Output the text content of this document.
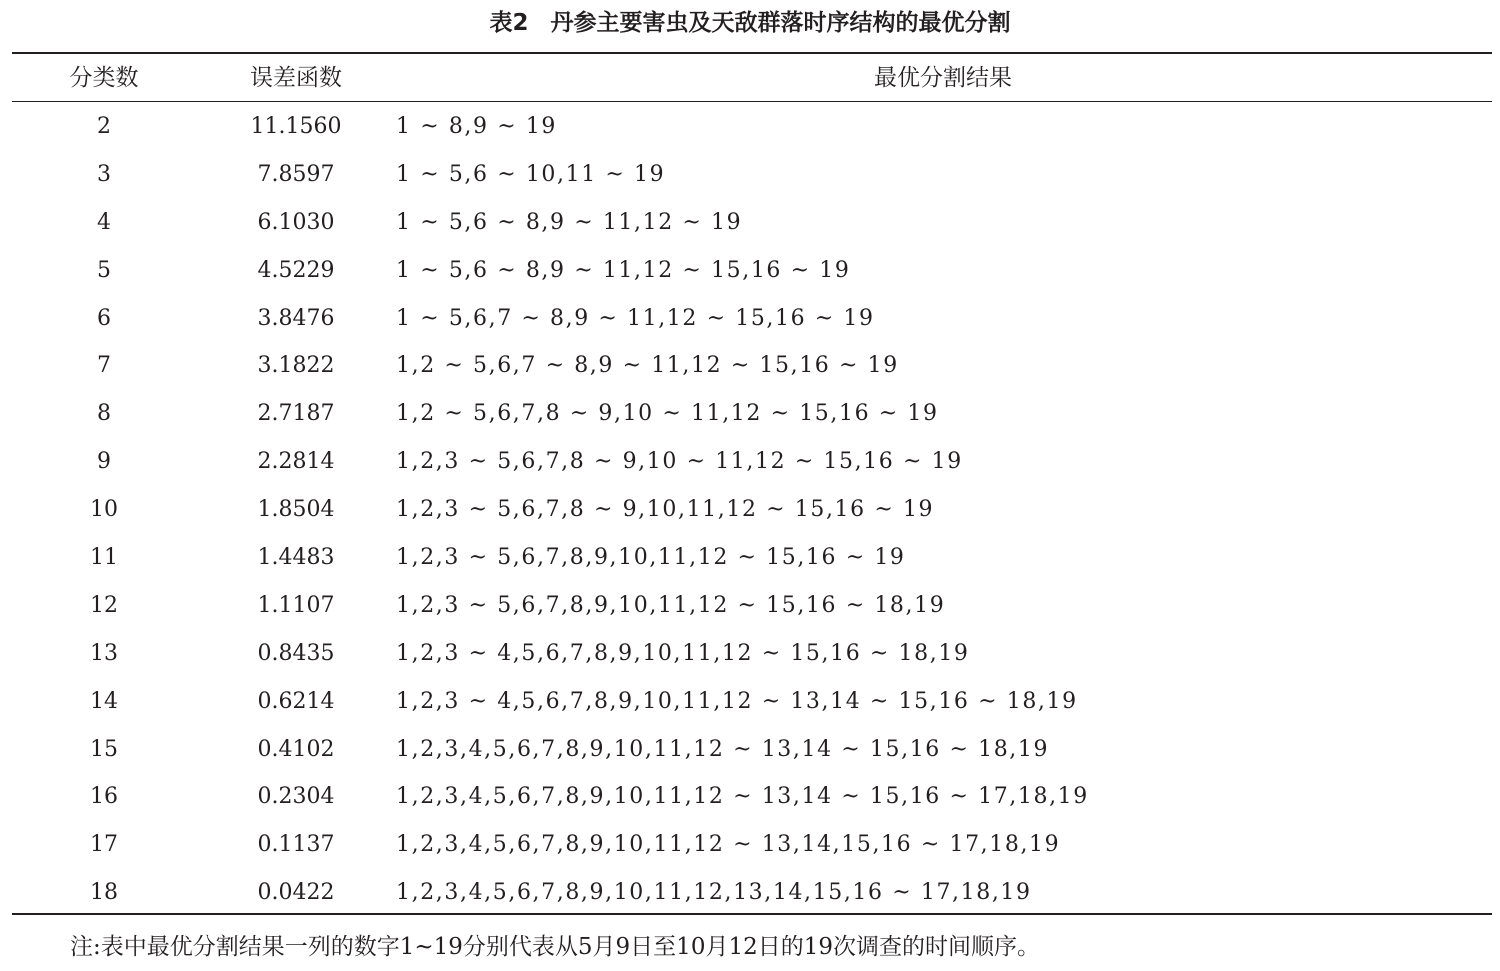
表2 丹参主要害虫及天敌群落时序结构的最优分割
分类数	误差函数	最优分割结果
2	11.1560	1 ~ 8,9 ~ 19
3	7.8597	1 ~ 5,6 ~ 10,11 ~ 19
4	6.1030	1 ~ 5,6 ~ 8,9 ~ 11,12 ~ 19
5	4.5229	1 ~ 5,6 ~ 8,9 ~ 11,12 ~ 15,16 ~ 19
6	3.8476	1 ~ 5,6,7 ~ 8,9 ~ 11,12 ~ 15,16 ~ 19
7	3.1822	1,2 ~ 5,6,7 ~ 8,9 ~ 11,12 ~ 15,16 ~ 19
8	2.7187	1,2 ~ 5,6,7,8 ~ 9,10 ~ 11,12 ~ 15,16 ~ 19
9	2.2814	1,2,3 ~ 5,6,7,8 ~ 9,10 ~ 11,12 ~ 15,16 ~ 19
10	1.8504	1,2,3 ~ 5,6,7,8 ~ 9,10,11,12 ~ 15,16 ~ 19
11	1.4483	1,2,3 ~ 5,6,7,8,9,10,11,12 ~ 15,16 ~ 19
12	1.1107	1,2,3 ~ 5,6,7,8,9,10,11,12 ~ 15,16 ~ 18,19
13	0.8435	1,2,3 ~ 4,5,6,7,8,9,10,11,12 ~ 15,16 ~ 18,19
14	0.6214	1,2,3 ~ 4,5,6,7,8,9,10,11,12 ~ 13,14 ~ 15,16 ~ 18,19
15	0.4102	1,2,3,4,5,6,7,8,9,10,11,12 ~ 13,14 ~ 15,16 ~ 18,19
16	0.2304	1,2,3,4,5,6,7,8,9,10,11,12 ~ 13,14 ~ 15,16 ~ 17,18,19
17	0.1137	1,2,3,4,5,6,7,8,9,10,11,12 ~ 13,14,15,16 ~ 17,18,19
18	0.0422	1,2,3,4,5,6,7,8,9,10,11,12,13,14,15,16 ~ 17,18,19
注:表中最优分割结果一列的数字1~19分别代表从5月9日至10月12日的19次调查的时间顺序。
